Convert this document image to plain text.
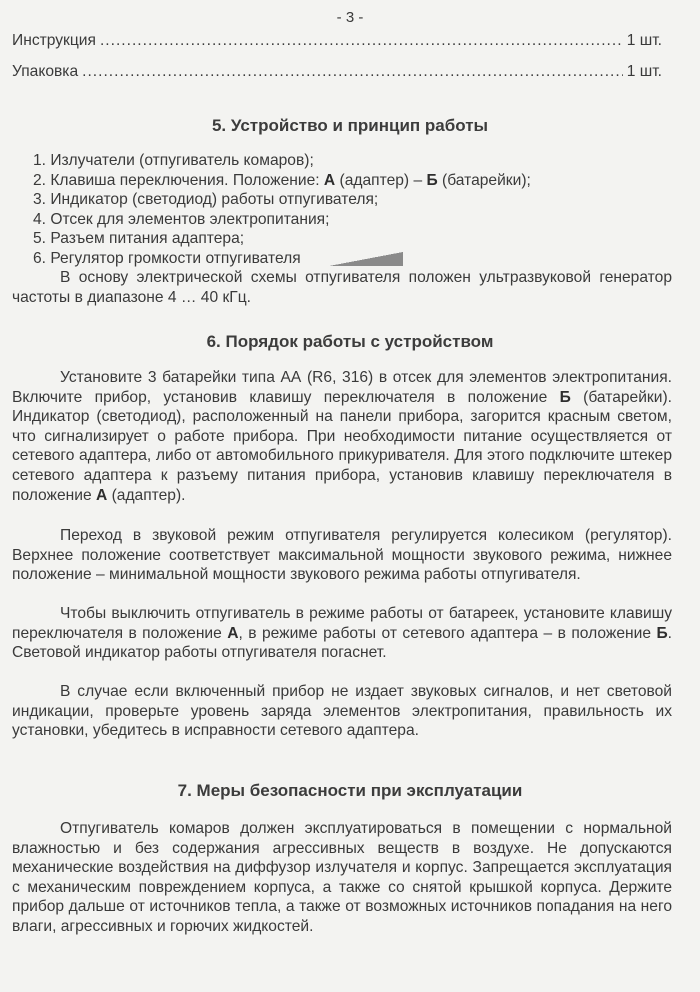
- 3 -
Инструкция .....	1 шт.
Упаковка .....	1 шт.
5. Устройство и принцип работы
1. Излучатели (отпугиватель комаров);
2. Клавиша переключения. Положение: А (адаптер) – Б (батарейки);
3. Индикатор (светодиод) работы отпугивателя;
4. Отсек для элементов электропитания;
5. Разъем питания адаптера;
6. Регулятор громкости отпугивателя

В основу электрической схемы отпугивателя положен ультразвуковой генератор частоты в диапазоне 4 … 40 кГц.

6. Порядок работы с устройством

Установите 3 батарейки типа АА (R6, 316) в отсек для элементов электропитания. Включите прибор, установив клавишу переключателя в положение Б (батарейки). Индикатор (светодиод), расположенный на панели прибора, загорится красным светом, что сигнализирует о работе прибора. При необходимости питание осуществляется от сетевого адаптера, либо от автомобильного прикуривателя. Для этого подключите штекер сетевого адаптера к разъему питания прибора, установив клавишу переключателя в положение А (адаптер).

Переход в звуковой режим отпугивателя регулируется колесиком (регулятор). Верхнее положение соответствует максимальной мощности звукового режима, нижнее положение – минимальной мощности звукового режима работы отпугивателя.

Чтобы выключить отпугиватель в режиме работы от батареек, установите клавишу переключателя в положение А, в режиме работы от сетевого адаптера – в положение Б. Световой индикатор работы отпугивателя погаснет.

В случае если включенный прибор не издает звуковых сигналов, и нет световой индикации, проверьте уровень заряда элементов электропитания, правильность их установки, убедитесь в исправности сетевого адаптера.

7. Меры безопасности при эксплуатации

Отпугиватель комаров должен эксплуатироваться в помещении с нормальной влажностью и без содержания агрессивных веществ в воздухе. Не допускаются механические воздействия на диффузор излучателя и корпус. Запрещается эксплуатация с механическим повреждением корпуса, а также со снятой крышкой корпуса. Держите прибор дальше от источников тепла, а также от возможных источников попадания на него влаги, агрессивных и горючих жидкостей.
